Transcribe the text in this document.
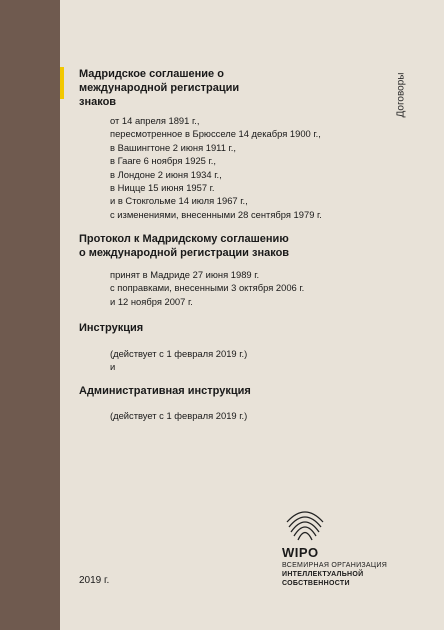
Договоры

Мадридское соглашение о

международной регистрации

знаков

от 14 апреля 1891 г.,
пересмотренное в Брюсселе 14 декабря 1900 г.,
в Вашингтоне 2 июня 1911 г.,
в Гааге 6 ноября 1925 г.,
в Лондоне 2 июня 1934 г.,
в Ницце 15 июня 1957 г.
и в Стокгольме 14 июля 1967 г.,
с изменениями, внесенными 28 сентября 1979 г.

Протокол к Мадридскому соглашению

о международной регистрации знаков

принят в Мадриде 27 июня 1989 г.
с поправками, внесенными 3 октября 2006 г.
и 12 ноября 2007 г.

Инструкция

(действует с 1 февраля 2019 г.)
и

Административная инструкция

(действует с 1 февраля 2019 г.)
2019 г.
WIPO
ВСЕМИРНАЯ ОРГАНИЗАЦИЯ
ИНТЕЛЛЕКТУАЛЬНОЙ
СОБСТВЕННОСТИ
